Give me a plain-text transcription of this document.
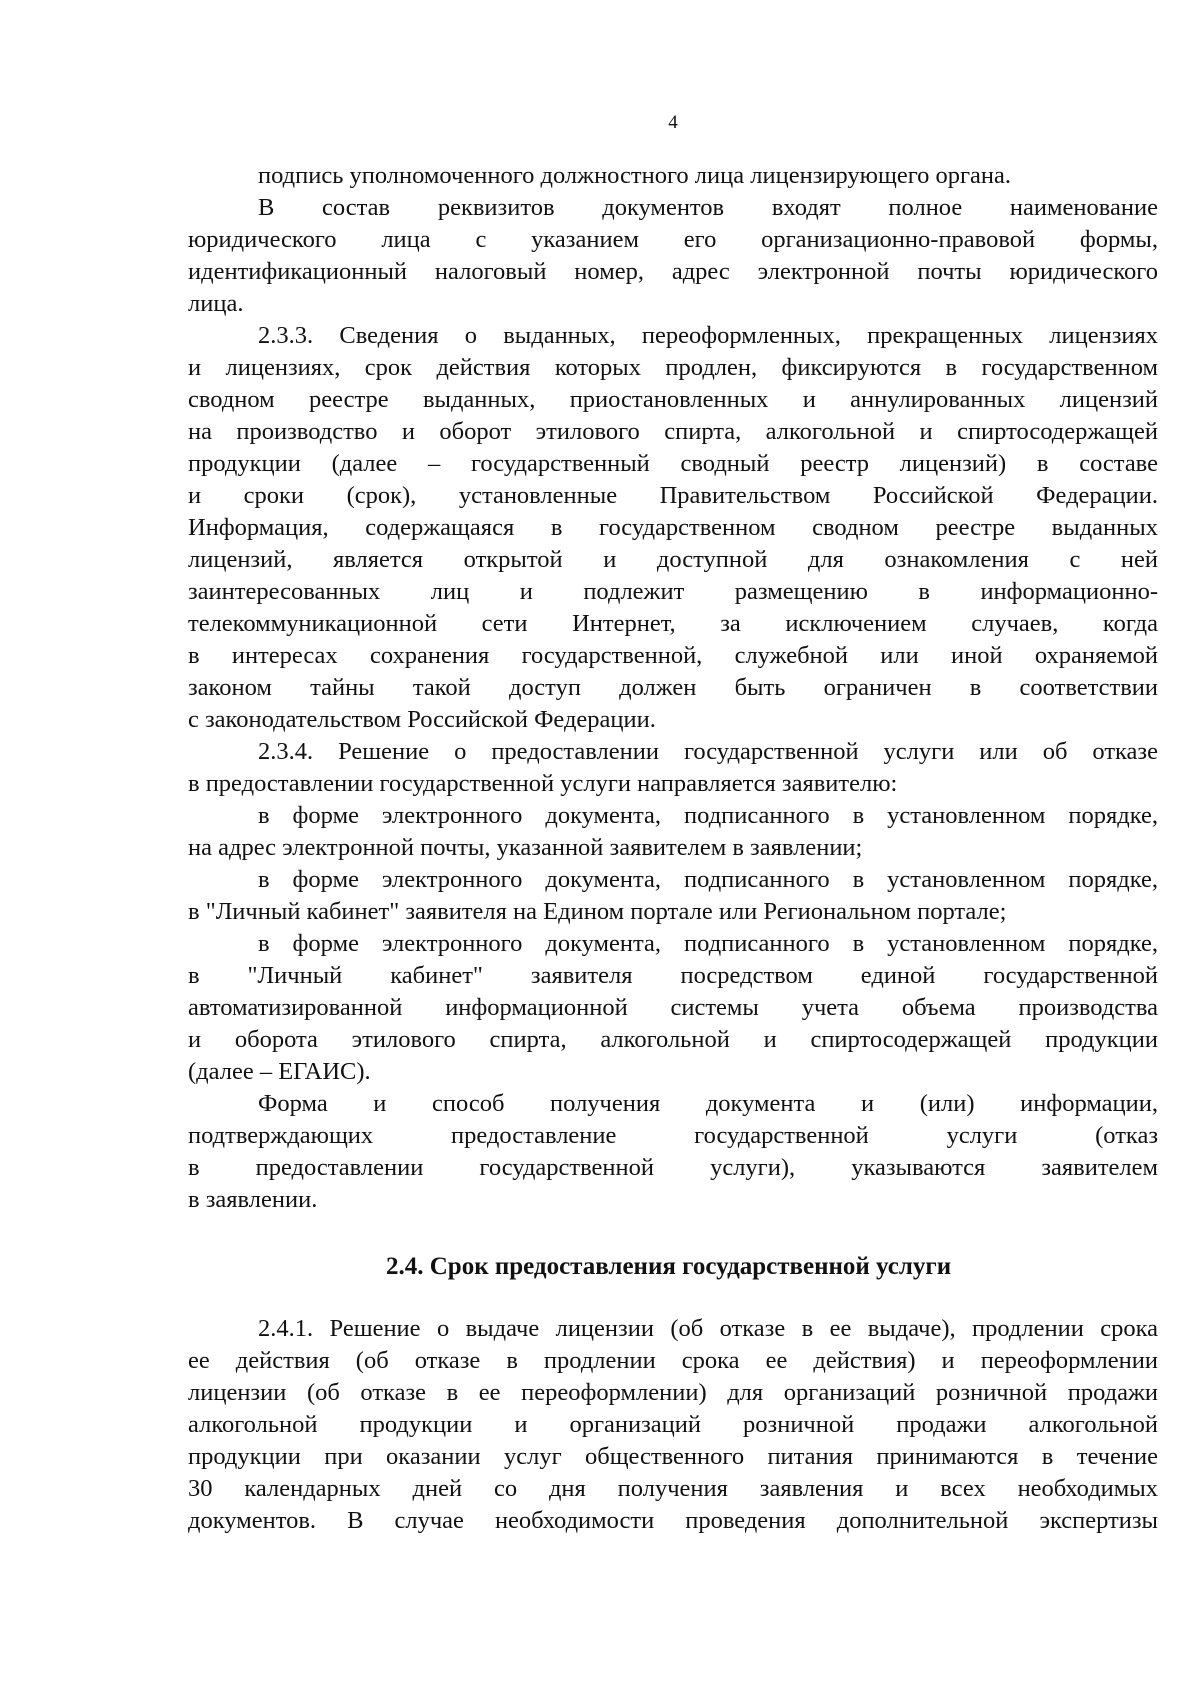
4
подпись уполномоченного должностного лица лицензирующего органа.
В состав реквизитов документов входят полное наименование
юридического лица с указанием его организационно-правовой формы,
идентификационный налоговый номер, адрес электронной почты юридического
лица.
2.3.3. Сведения о выданных, переоформленных, прекращенных лицензиях
и лицензиях, срок действия которых продлен, фиксируются в государственном
сводном реестре выданных, приостановленных и аннулированных лицензий
на производство и оборот этилового спирта, алкогольной и спиртосодержащей
продукции (далее – государственный сводный реестр лицензий) в составе
и сроки (срок), установленные Правительством Российской Федерации.
Информация, содержащаяся в государственном сводном реестре выданных
лицензий, является открытой и доступной для ознакомления с ней
заинтересованных лиц и подлежит размещению в информационно-
телекоммуникационной сети Интернет, за исключением случаев, когда
в интересах сохранения государственной, служебной или иной охраняемой
законом тайны такой доступ должен быть ограничен в соответствии
с законодательством Российской Федерации.
2.3.4. Решение о предоставлении государственной услуги или об отказе
в предоставлении государственной услуги направляется заявителю:
в форме электронного документа, подписанного в установленном порядке,
на адрес электронной почты, указанной заявителем в заявлении;
в форме электронного документа, подписанного в установленном порядке,
в "Личный кабинет" заявителя на Едином портале или Региональном портале;
в форме электронного документа, подписанного в установленном порядке,
в "Личный кабинет" заявителя посредством единой государственной
автоматизированной информационной системы учета объема производства
и оборота этилового спирта, алкогольной и спиртосодержащей продукции
(далее – ЕГАИС).
Форма и способ получения документа и (или) информации,
подтверждающих предоставление государственной услуги (отказ
в предоставлении государственной услуги), указываются заявителем
в заявлении.
2.4. Срок предоставления государственной услуги
2.4.1. Решение о выдаче лицензии (об отказе в ее выдаче), продлении срока
ее действия (об отказе в продлении срока ее действия) и переоформлении
лицензии (об отказе в ее переоформлении) для организаций розничной продажи
алкогольной продукции и организаций розничной продажи алкогольной
продукции при оказании услуг общественного питания принимаются в течение
30 календарных дней со дня получения заявления и всех необходимых
документов. В случае необходимости проведения дополнительной экспертизы
